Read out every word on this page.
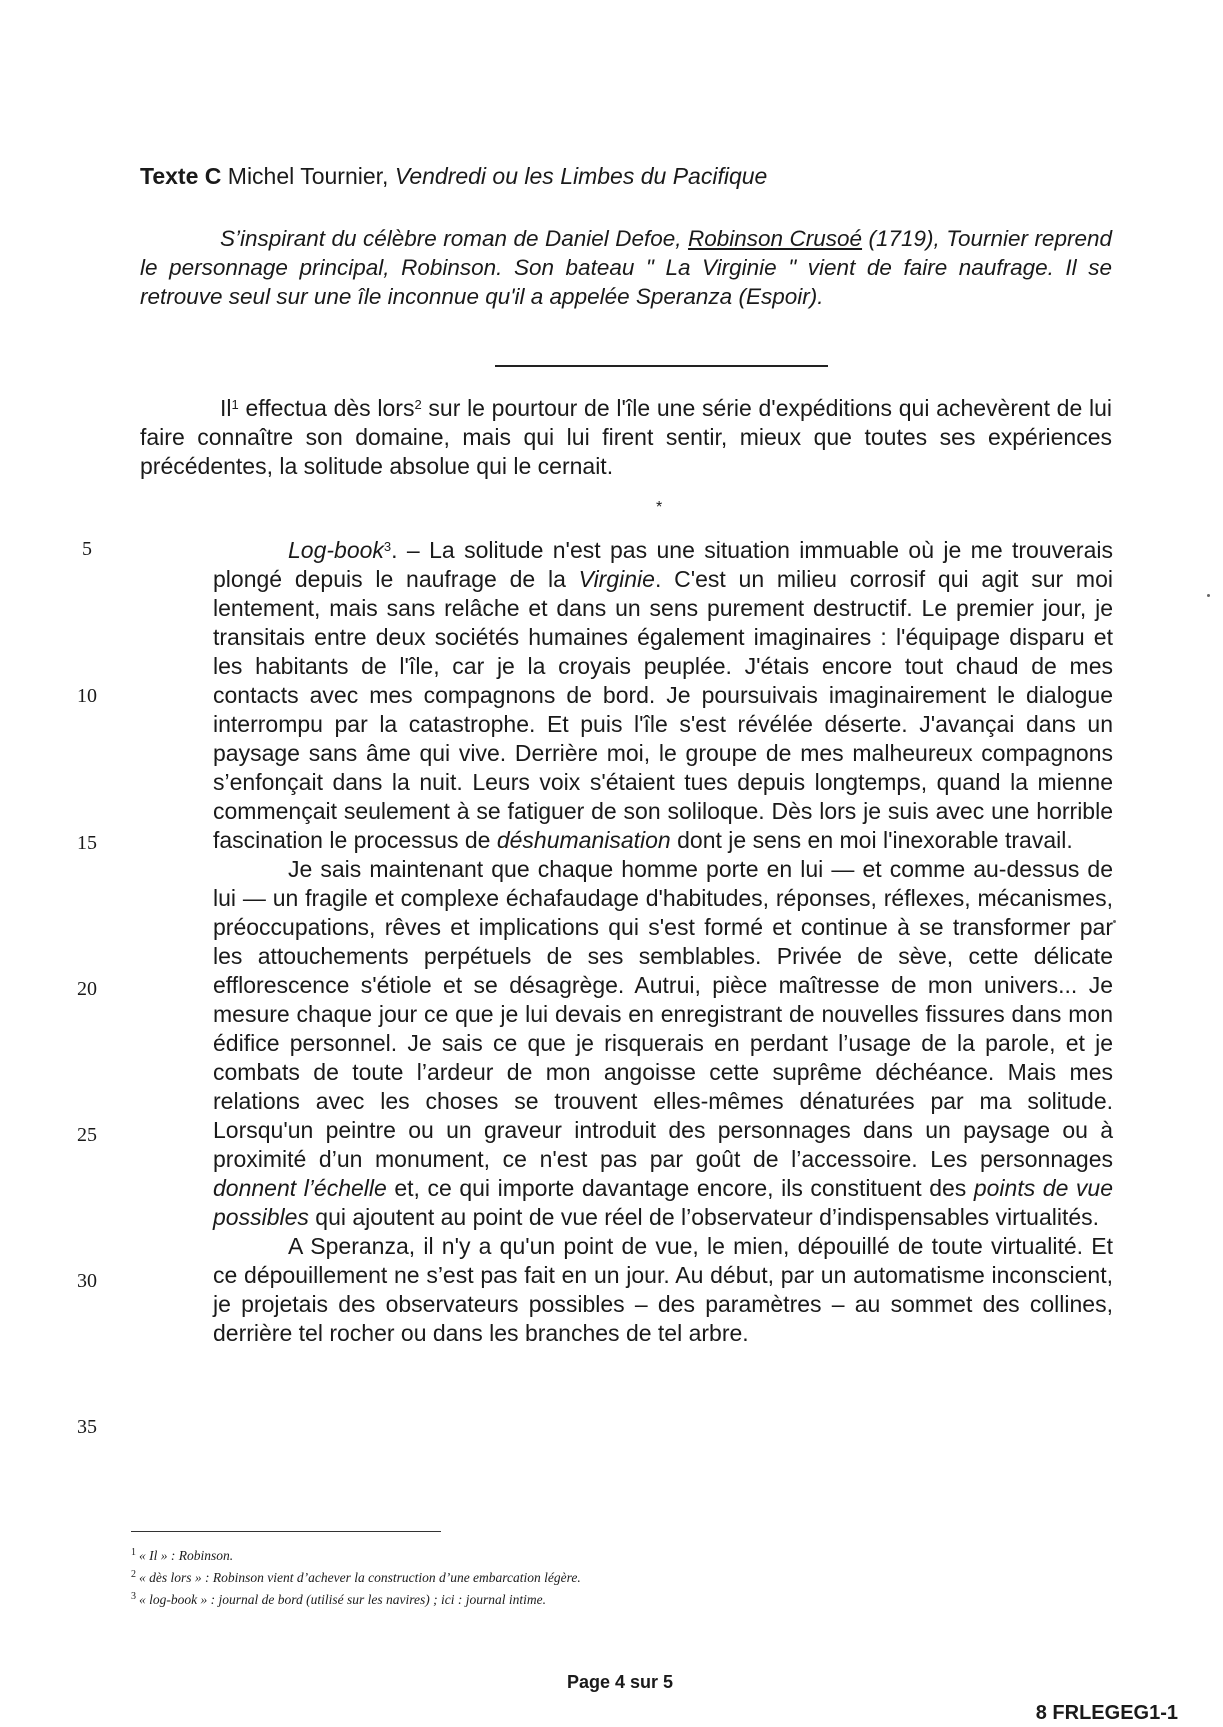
Texte C Michel Tournier, Vendredi ou les Limbes du Pacifique

S’inspirant du célèbre roman de Daniel Defoe, Robinson Crusoé (1719), Tournier reprend le personnage principal, Robinson. Son bateau " La Virginie " vient de faire naufrage. Il se retrouve seul sur une île inconnue qu'il a appelée Speranza (Espoir).

Il$^1$ effectua dès lors$^2$ sur le pourtour de l'île une série d'expéditions qui achevèrent de lui faire connaître son domaine, mais qui lui firent sentir, mieux que toutes ses expériences précédentes, la solitude absolue qui le cernait.

*

Log-book$^3$. – La solitude n'est pas une situation immuable où je me trouverais plongé depuis le naufrage de la Virginie. C'est un milieu corrosif qui agit sur moi lentement, mais sans relâche et dans un sens purement destructif. Le premier jour, je transitais entre deux sociétés humaines également imaginaires : l'équipage disparu et les habitants de l'île, car je la croyais peuplée. J'étais encore tout chaud de mes contacts avec mes compagnons de bord. Je poursuivais imaginairement le dialogue interrompu par la catastrophe. Et puis l'île s'est révélée déserte. J'avançai dans un paysage sans âme qui vive. Derrière moi, le groupe de mes malheureux compagnons s’enfonçait dans la nuit. Leurs voix s'étaient tues depuis longtemps, quand la mienne commençait seulement à se fatiguer de son soliloque. Dès lors je suis avec une horrible fascination le processus de déshumanisation dont je sens en moi l'inexorable travail.

Je sais maintenant que chaque homme porte en lui — et comme au-dessus de lui — un fragile et complexe échafaudage d'habitudes, réponses, réflexes, mécanismes, préoccupations, rêves et implications qui s'est formé et continue à se transformer par les attouchements perpétuels de ses semblables. Privée de sève, cette délicate efflorescence s'étiole et se désagrège. Autrui, pièce maîtresse de mon univers... Je mesure chaque jour ce que je lui devais en enregistrant de nouvelles fissures dans mon édifice personnel. Je sais ce que je risquerais en perdant l’usage de la parole, et je combats de toute l’ardeur de mon angoisse cette suprême déchéance. Mais mes relations avec les choses se trouvent elles-mêmes dénaturées par ma solitude. Lorsqu'un peintre ou un graveur introduit des personnages dans un paysage ou à proximité d’un monument, ce n'est pas par goût de l’accessoire. Les personnages donnent l’échelle et, ce qui importe davantage encore, ils constituent des points de vue possibles qui ajoutent au point de vue réel de l’observateur d’indispensables virtualités.

A Speranza, il n'y a qu'un point de vue, le mien, dépouillé de toute virtualité. Et ce dépouillement ne s’est pas fait en un jour. Au début, par un automatisme inconscient, je projetais des observateurs possibles – des paramètres – au sommet des collines, derrière tel rocher ou dans les branches de tel arbre.

5
10
15
20
25
30
35
$^1$ « Il » : Robinson.
$^2$ « dès lors » : Robinson vient d’achever la construction d’une embarcation légère.
$^3$ « log-book » : journal de bord (utilisé sur les navires) ; ici : journal intime.
Page 4 sur 5
8 FRLEGEG1-1
